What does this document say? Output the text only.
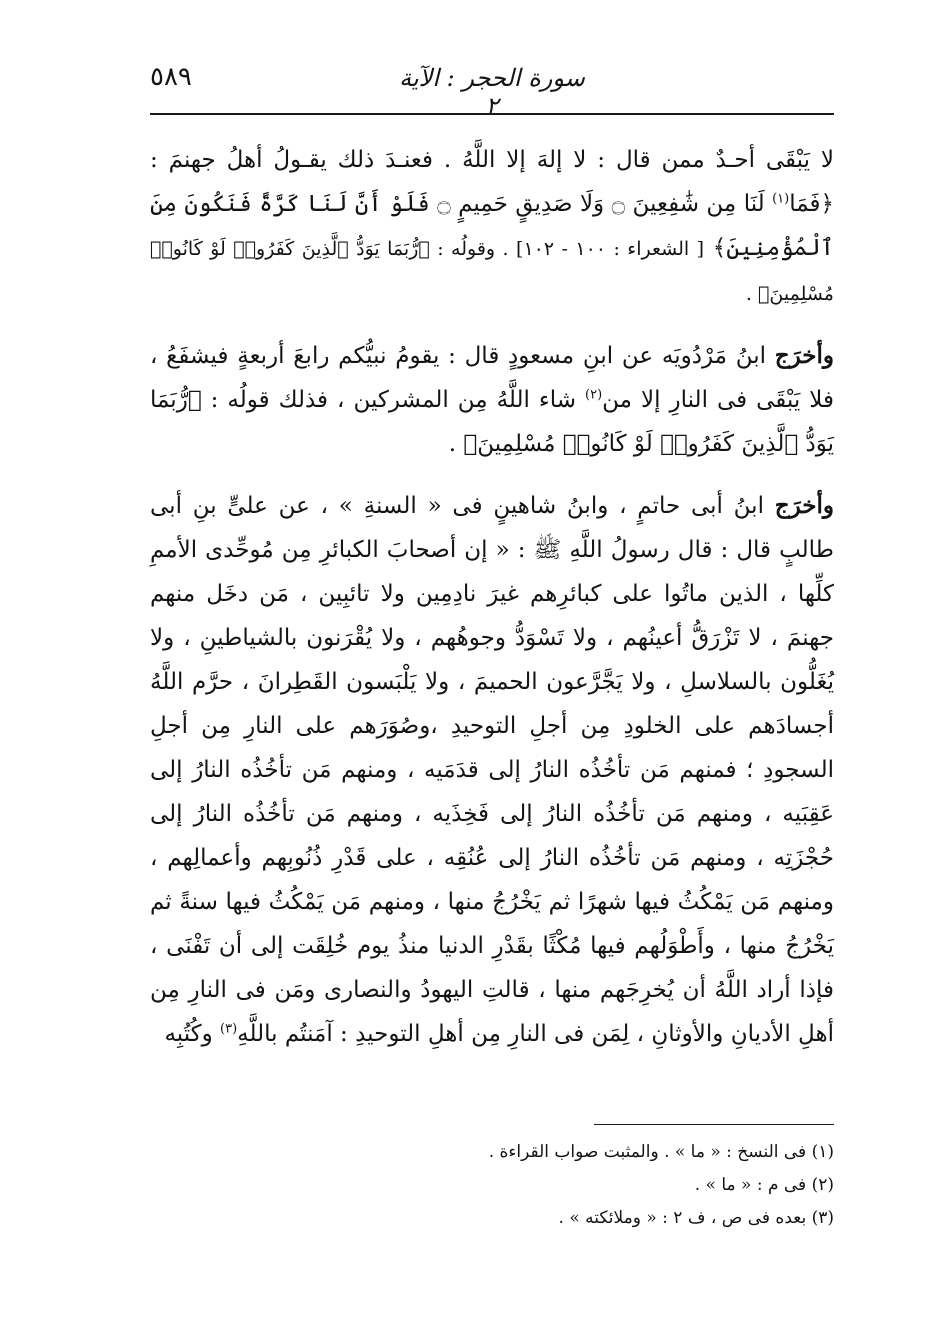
٥٨٩	سورة الحجر : الآية ٢

لا يَبْقَى أحـدٌ ممن قال : لا إلهَ إلا اللَّهُ . فعنـدَ ذلك يقـولُ أهلُ جهنمَ : ﴿فَمَا$^{(١)}$ لَنَا مِن شَٰفِعِينَ ۝ وَلَا صَدِيقٍ حَمِيمٍ ۝ فَلَوْ أَنَّ لَنَا كَرَّةً فَنَكُونَ مِنَ ٱلْمُؤْمِنِينَ﴾ [ الشعراء : ١٠٠ - ١٠٢] . وقولُه : ﴿رُّبَمَا يَوَدُّ ٱلَّذِينَ كَفَرُوا۟ لَوْ كَانُوا۟ مُسْلِمِينَ﴾ .

وأخرَج ابنُ مَرْدُويَه عن ابنِ مسعودٍ قال : يقومُ نبيُّكم رابعَ أربعةٍ فيشفَعُ ، فلا يَبْقَى فى النارِ إلا من$^{(٢)}$ شاء اللَّهُ مِن المشركين ، فذلك قولُه : ﴿رُّبَمَا يَوَدُّ ٱلَّذِينَ كَفَرُوا۟ لَوْ كَانُوا۟ مُسْلِمِينَ﴾ .

وأخرَج ابنُ أبى حاتمٍ ، وابنُ شاهينٍ فى « السنةِ » ، عن علىٍّ بنِ أبى طالبٍ قال : قال رسولُ اللَّهِ ﷺ : « إن أصحابَ الكبائرِ مِن مُوحِّدى الأممِ كلِّها ، الذين ماتُوا على كبائرِهم غيرَ نادِمِين ولا تائبِين ، مَن دخَل منهم جهنمَ ، لا تَزْرَقُّ أعينُهم ، ولا تَسْوَدُّ وجوهُهم ، ولا يُقْرَنون بالشياطينِ ، ولا يُغَلُّون بالسلاسلِ ، ولا يَجَّرَّعون الحميمَ ، ولا يَلْبَسون القَطِرانَ ، حرَّم اللَّهُ أجسادَهم على الخلودِ مِن أجلِ التوحيدِ ،وصُوَرَهم على النارِ مِن أجلِ السجودِ ؛ فمنهم مَن تأخُذُه النارُ إلى قدَمَيه ، ومنهم مَن تأخُذُه النارُ إلى عَقِبَيه ، ومنهم مَن تأخُذُه النارُ إلى فَخِذَيه ، ومنهم مَن تأخُذُه النارُ إلى حُجْزَتِه ، ومنهم مَن تأخُذُه النارُ إلى عُنُقِه ، على قَدْرِ ذُنُوبِهم وأعمالِهم ، ومنهم مَن يَمْكُثُ فيها شهرًا ثم يَخْرُجُ منها ، ومنهم مَن يَمْكُثُ فيها سنةً ثم يَخْرُجُ منها ، وأَطْوَلُهم فيها مُكْثًا بقَدْرِ الدنيا منذُ يوم خُلِقَت إلى أن تَفْنَى ، فإذا أراد اللَّهُ أن يُخرِجَهم منها ، قالتِ اليهودُ والنصارى ومَن فى النارِ مِن أهلِ الأديانِ والأوثانِ ، لِمَن فى النارِ مِن أهلِ التوحيدِ : آمَنتُم باللَّهِ$^{(٣)}$ وكُتُبِه

(١) فى النسخ : « ما » . والمثبت صواب القراءة .

(٢) فى م : « ما » .

(٣) بعده فى ص ، ف ٢ : « وملائكته » .
